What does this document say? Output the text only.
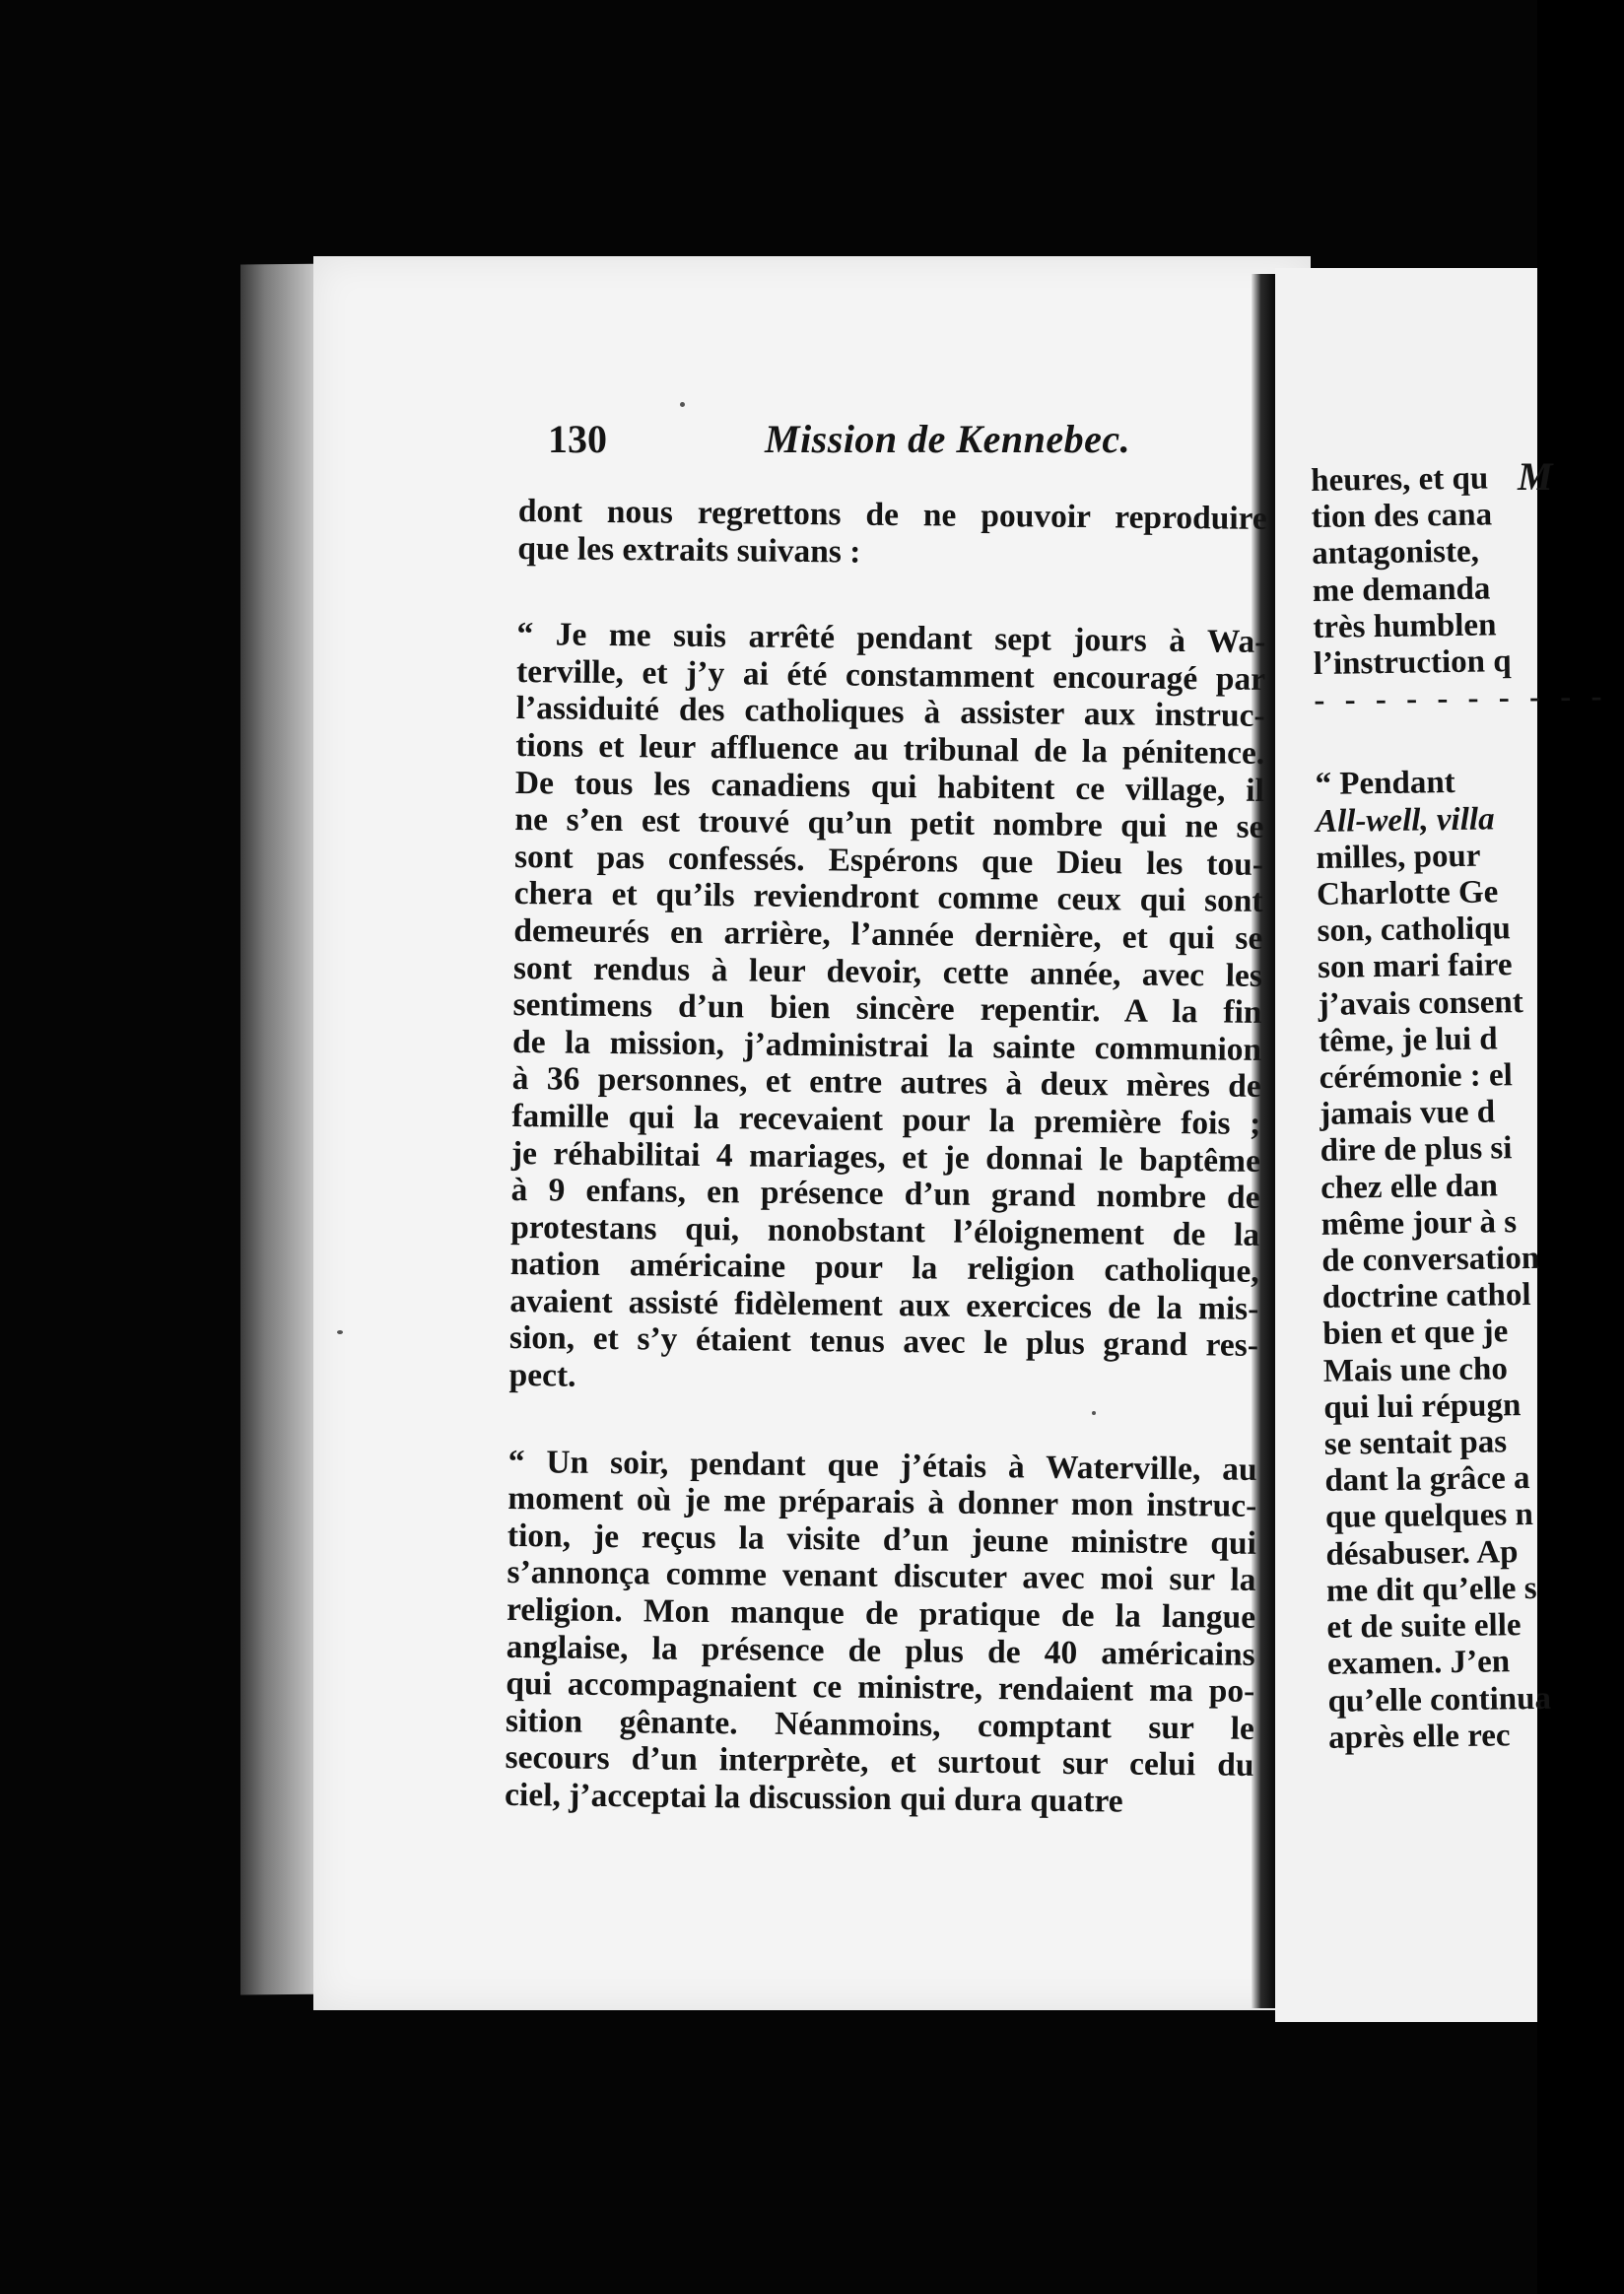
130	Mission de Kennebec.

dont nous regrettons de ne pouvoir reproduire
que les extraits suivans :

“ Je me suis arrêté pendant sept jours à Wa-
terville, et j’y ai été constamment encouragé par
l’assiduité des catholiques à assister aux instruc-
tions et leur affluence au tribunal de la pénitence.
De tous les canadiens qui habitent ce village, il
ne s’en est trouvé qu’un petit nombre qui ne se
sont pas confessés. Espérons que Dieu les tou-
chera et qu’ils reviendront comme ceux qui sont
demeurés en arrière, l’année dernière, et qui se
sont rendus à leur devoir, cette année, avec les
sentimens d’un bien sincère repentir. A la fin
de la mission, j’administrai la sainte communion
à 36 personnes, et entre autres à deux mères de
famille qui la recevaient pour la première fois ;
je réhabilitai 4 mariages, et je donnai le baptême
à 9 enfans, en présence d’un grand nombre de
protestans qui, nonobstant l’éloignement de la
nation américaine pour la religion catholique,
avaient assisté fidèlement aux exercices de la mis-
sion, et s’y étaient tenus avec le plus grand res-
pect.

“ Un soir, pendant que j’étais à Waterville, au
moment où je me préparais à donner mon instruc-
tion, je reçus la visite d’un jeune ministre qui
s’annonça comme venant discuter avec moi sur la
religion. Mon manque de pratique de la langue
anglaise, la présence de plus de 40 américains
qui accompagnaient ce ministre, rendaient ma po-
sition gênante. Néanmoins, comptant sur le
secours d’un interprète, et surtout sur celui du
ciel, j’acceptai la discussion qui dura quatre

M
heures, et qu
tion des cana
antagoniste,
me demanda
très humblen
l’instruction q
- - - - - - - - - -
“ Pendant
All-well, villa
milles, pour
Charlotte Ge
son, catholiqu
son mari faire
j’avais consent
tême, je lui d
cérémonie : el
jamais vue d
dire de plus si
chez elle dan
même jour à s
de conversation
doctrine cathol
bien et que je
Mais une cho
qui lui répugn
se sentait pas
dant la grâce a
que quelques n
désabuser. Ap
me dit qu’elle s
et de suite elle
examen. J’en
qu’elle continua
après elle rec
